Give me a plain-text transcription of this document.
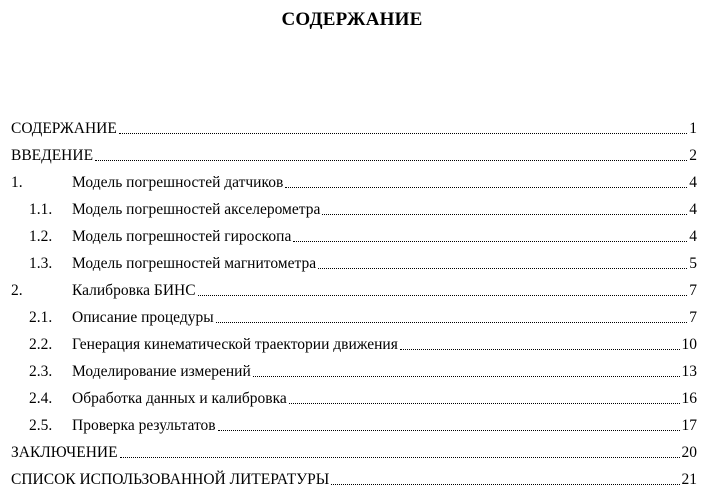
СОДЕРЖАНИЕ
СОДЕРЖАНИЕ	1
ВВЕДЕНИЕ	2
1.	Модель погрешностей датчиков	4
1.1.	Модель погрешностей акселерометра	4
1.2.	Модель погрешностей гироскопа	4
1.3.	Модель погрешностей магнитометра	5
2.	Калибровка БИНС	7
2.1.	Описание процедуры	7
2.2.	Генерация кинематической траектории движения	10
2.3.	Моделирование измерений	13
2.4.	Обработка данных и калибровка	16
2.5.	Проверка результатов	17
ЗАКЛЮЧЕНИЕ	20
СПИСОК ИСПОЛЬЗОВАННОЙ ЛИТЕРАТУРЫ	21
